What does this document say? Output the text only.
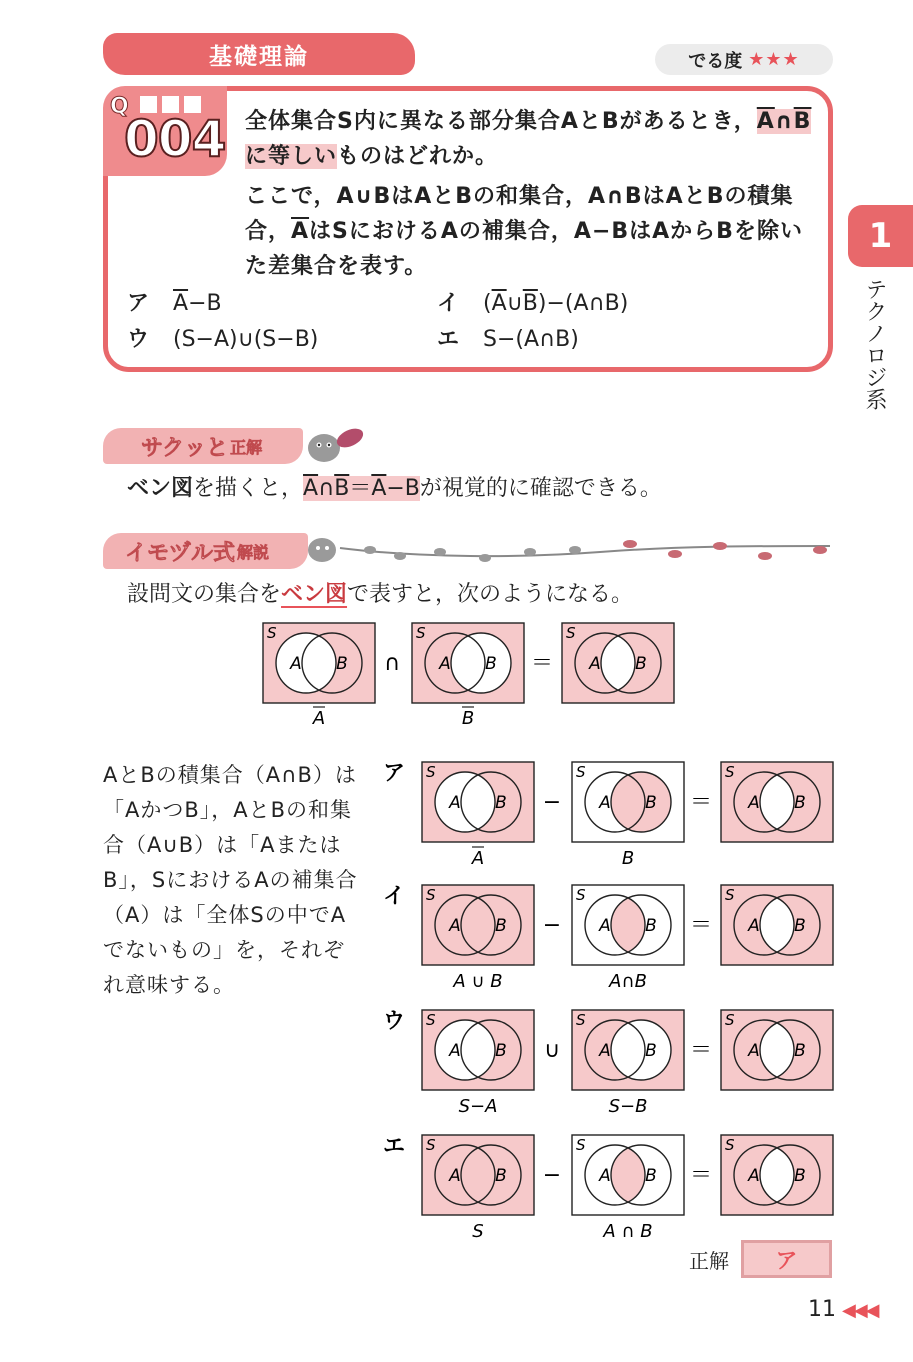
基礎理論	でる度 ★★★
Q
004 全体集合S内に異なる部分集合AとBがあるとき，$\overline{A}\cap\overline{B}$に等しいものはどれか。
ここで，A∪BはAとBの和集合，A∩BはAとBの積集合，$\overline{A}$はSにおけるAの補集合，A−BはAからBを除いた差集合を表す。
ア	$\overline{A}-B$	イ	$(\overline{A}\cup\overline{B})-(A\cap B)$
ウ	(S−A)∪(S−B)	エ	S−(A∩B)
1
テクノロジ系
サクッと 正解
ベン図を描くと，$\overline{A}\cap\overline{B}=\overline{A}-B$が視覚的に確認できる。
イモヅル式 解説
設問文の集合をベン図で表すと，次のようになる。
AとBの積集合（A∩B）は「AかつB」，AとBの和集合（A∪B）は「AまたはB」，SにおけるAの補集合（A）は「全体Sの中でAでないもの」を，それぞれ意味する。
S
A B ∩
S
A B ＝
S
A B
A	B
ア S
A B −
S
A B ＝
S
A B
A	B
イ S
A B −
S
A B ＝
S
A B
A ∪ B	A∩B
ウ S
A B ∪
S
A B ＝
S
A B
S−A	S−B
エ S
A B −
S
A B ＝
S
A B
S	A ∩ B
正解 ア
11 ◀◀◀
